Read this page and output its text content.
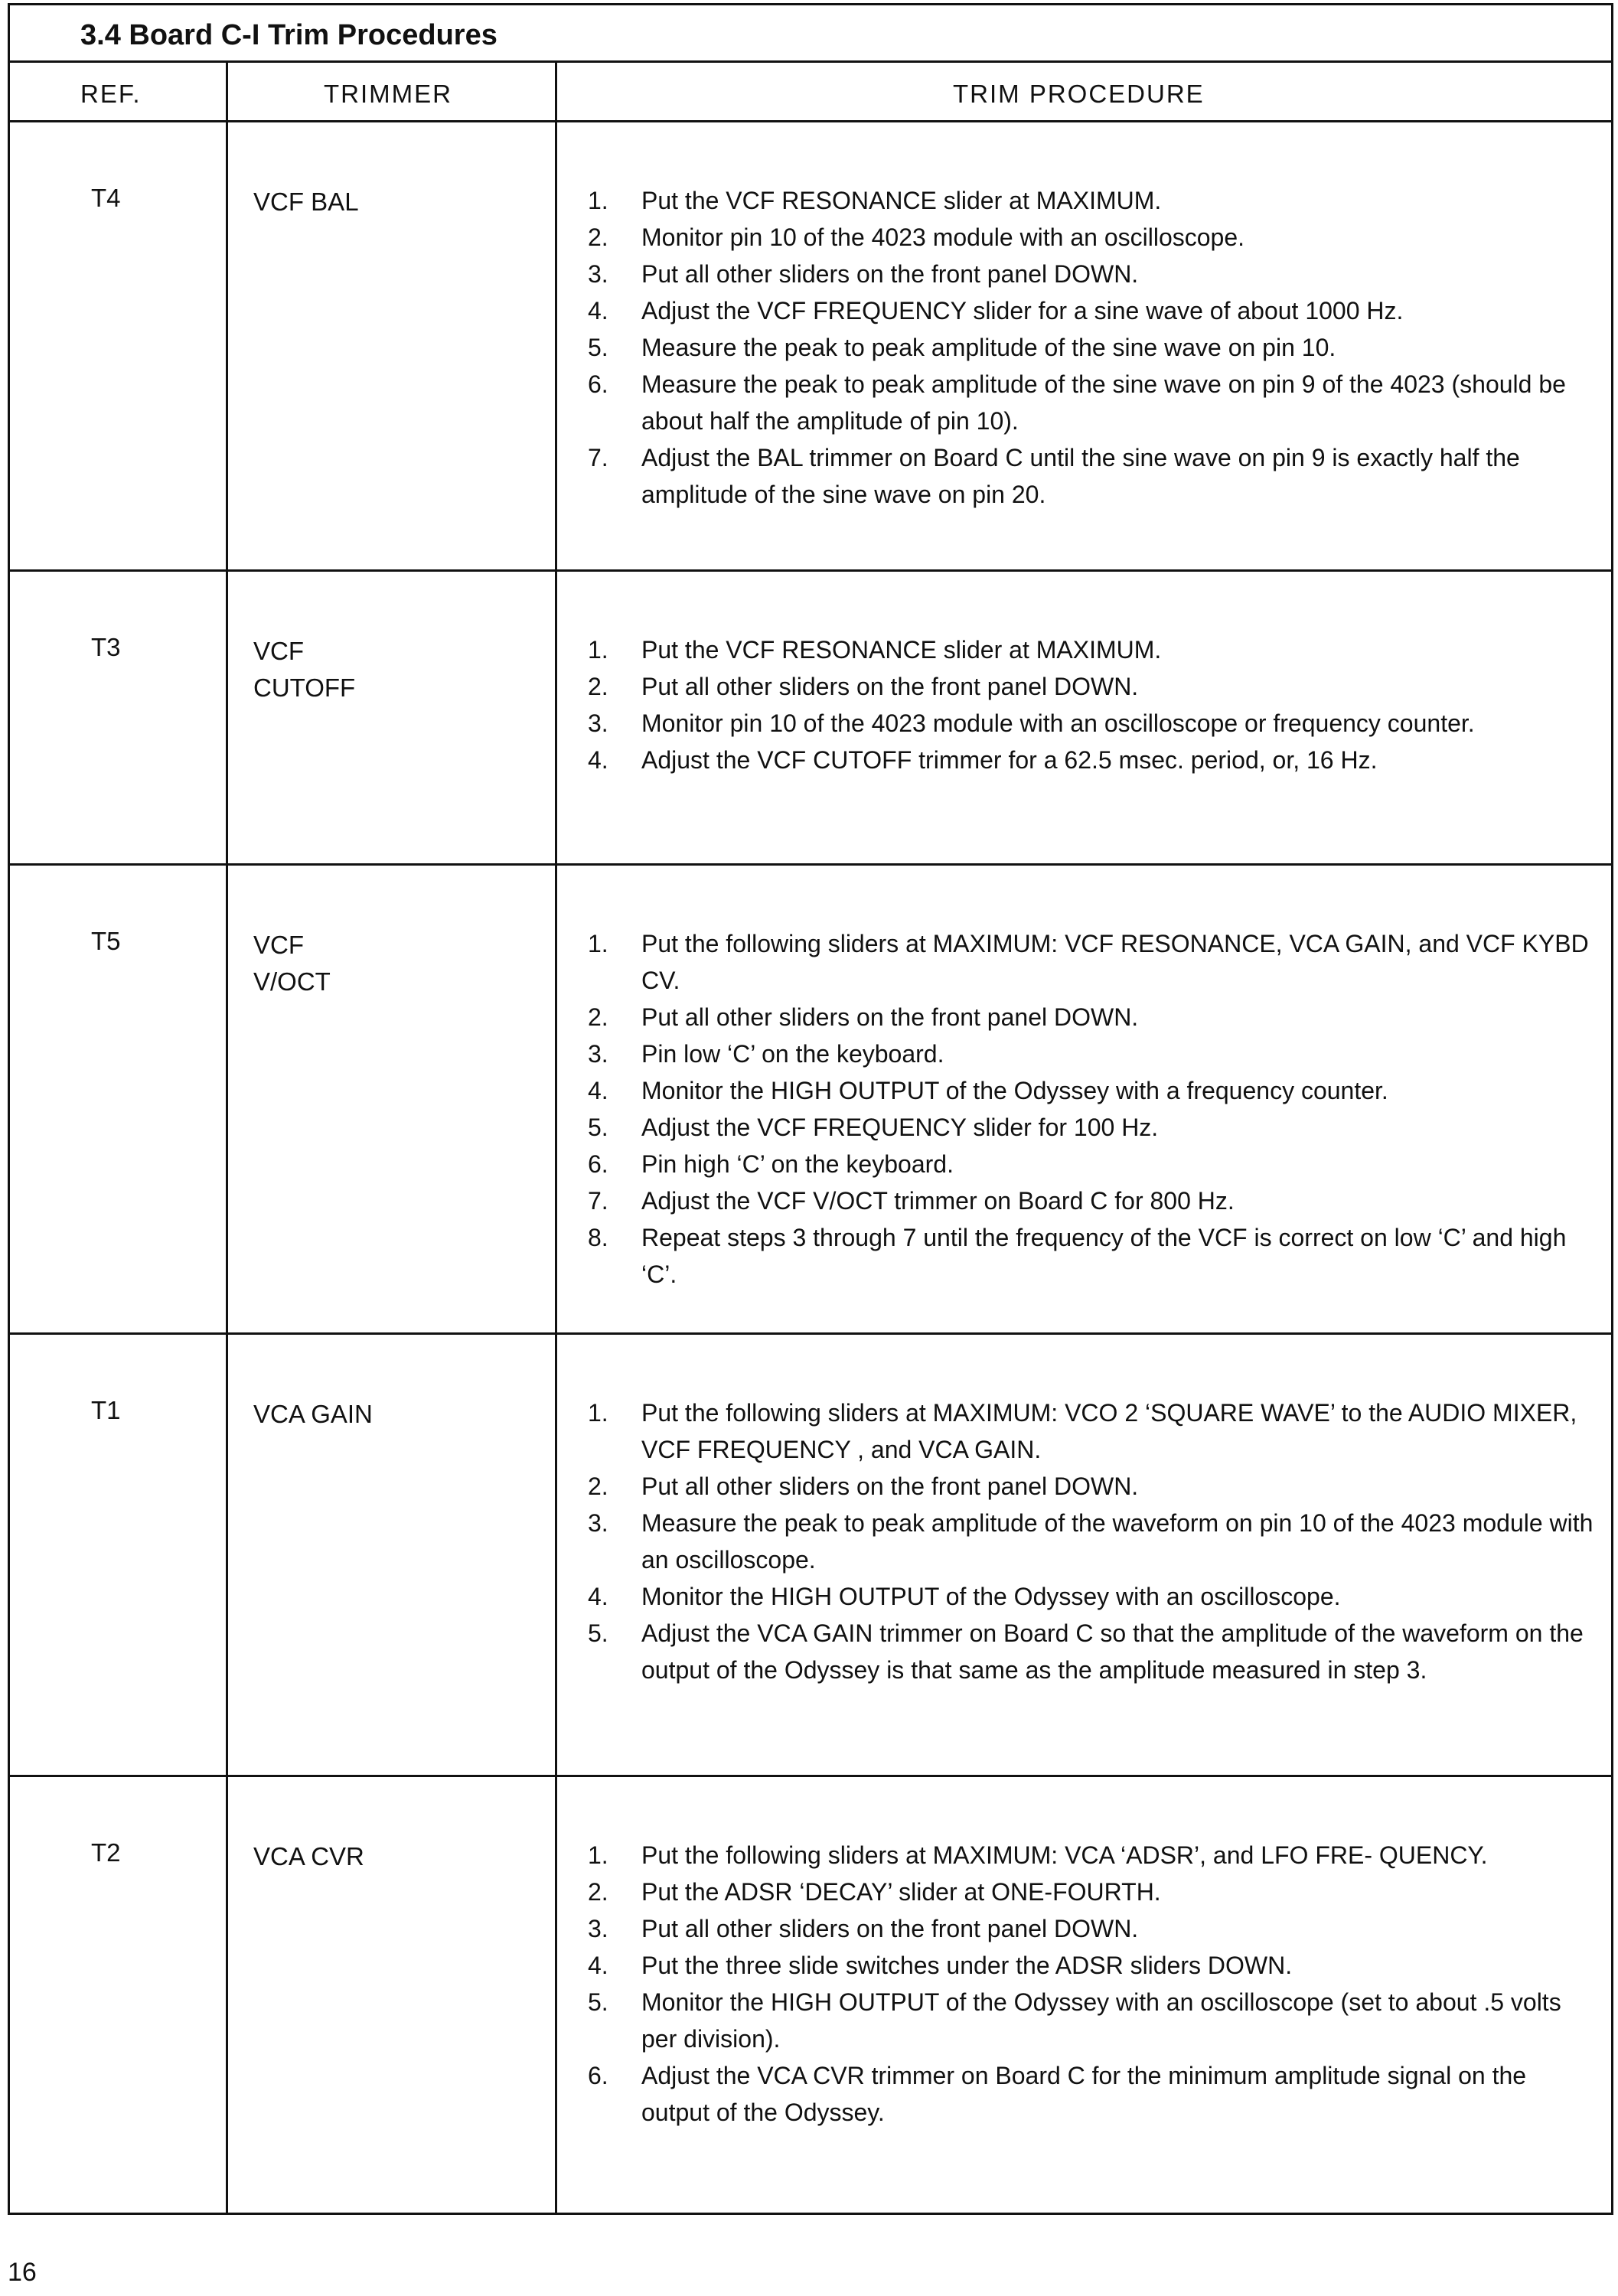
3.4 Board C-I Trim Procedures
REF.	TRIMMER	TRIM PROCEDURE
T4	VCF BAL	1.	Put the VCF RESONANCE slider at MAXIMUM.
2.	Monitor pin 10 of the 4023 module with an oscilloscope.
3.	Put all other sliders on the front panel DOWN.
4.	Adjust the VCF FREQUENCY slider for a sine wave of about 1000 Hz.
5.	Measure the peak to peak amplitude of the sine wave on pin 10.
6.	Measure the peak to peak amplitude of the sine wave on pin 9 of the 4023 (should be about half the amplitude of pin 10).
7.	Adjust the BAL trimmer on Board C until the sine wave on pin 9 is exactly half the amplitude of the sine wave on pin 20.
T3	VCF
CUTOFF
1.	Put the VCF RESONANCE slider at MAXIMUM.
2.	Put all other sliders on the front panel DOWN.
3.	Monitor pin 10 of the 4023 module with an oscilloscope or frequency counter.
4.	Adjust the VCF CUTOFF trimmer for a 62.5 msec. period, or, 16 Hz.
T5	VCF
V/OCT
1.	Put the following sliders at MAXIMUM: VCF RESONANCE, VCA GAIN, and VCF KYBD CV.
2.	Put all other sliders on the front panel DOWN.
3.	Pin low ‘C’ on the keyboard.
4.	Monitor the HIGH OUTPUT of the Odyssey with a frequency counter.
5.	Adjust the VCF FREQUENCY slider for 100 Hz.
6.	Pin high ‘C’ on the keyboard.
7.	Adjust the VCF V/OCT trimmer on Board C for 800 Hz.
8.	Repeat steps 3 through 7 until the frequency of the VCF is correct on low ‘C’ and high ‘C’.
T1	VCA GAIN	1.	Put the following sliders at MAXIMUM: VCO 2 ‘SQUARE WAVE’ to the AUDIO MIXER, VCF FREQUENCY , and VCA GAIN.
2.	Put all other sliders on the front panel DOWN.
3.	Measure the peak to peak amplitude of the waveform on pin 10 of the 4023 module with an oscilloscope.
4.	Monitor the HIGH OUTPUT of the Odyssey with an oscilloscope.
5.	Adjust the VCA GAIN trimmer on Board C so that the amplitude of the waveform on the output of the Odyssey is that same as the amplitude measured in step 3.
T2	VCA CVR	1.	Put the following sliders at MAXIMUM: VCA ‘ADSR’, and LFO FRE- QUENCY.
2.	Put the ADSR ‘DECAY’ slider at ONE-FOURTH.
3.	Put all other sliders on the front panel DOWN.
4.	Put the three slide switches under the ADSR sliders DOWN.
5.	Monitor the HIGH OUTPUT of the Odyssey with an oscilloscope (set to about .5 volts per division).
6.	Adjust the VCA CVR trimmer on Board C for the minimum amplitude signal on the output of the Odyssey.
16
